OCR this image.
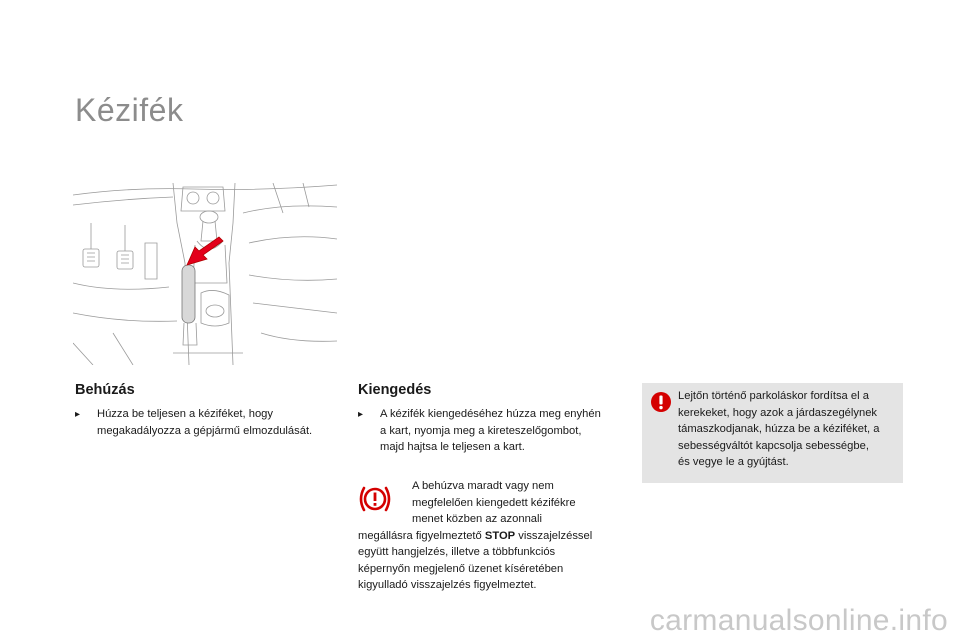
Kézifék
Behúzás
▸	Húzza be teljesen a kéziféket, hogy
megakadályozza a gépjármű elmozdulását.
Kiengedés
▸	A kézifék kiengedéséhez húzza meg enyhén
a kart, nyomja meg a kireteszelőgombot,
majd hajtsa le teljesen a kart.
A behúzva maradt vagy nem
megfelelően kiengedett kézifékre
menet közben az azonnali
megállásra figyelmeztető STOP visszajelzéssel
együtt hangjelzés, illetve a többfunkciós
képernyőn megjelenő üzenet kíséretében
kigyulladó visszajelzés figyelmeztet.
Lejtőn történő parkoláskor fordítsa el a
kerekeket, hogy azok a járdaszegélynek
támaszkodjanak, húzza be a kéziféket, a
sebességváltót kapcsolja sebességbe,
és vegye le a gyújtást.
carmanualsonline.info
